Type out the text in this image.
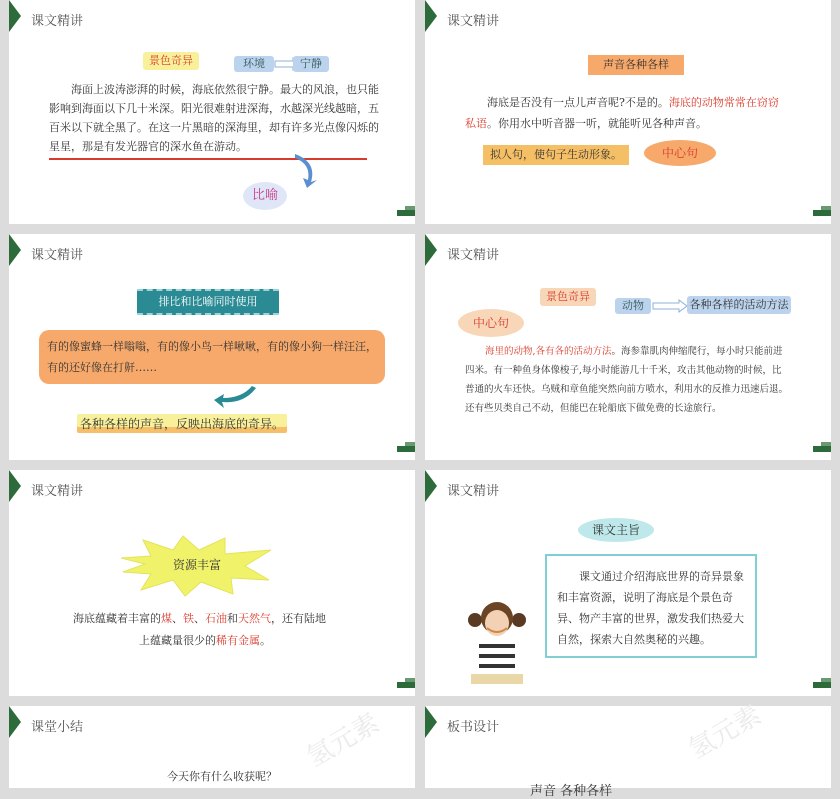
课文精讲
景色奇异	环境	宁静
海面上波涛澎湃的时候，海底依然很宁静。最大的风浪，也只能影响到海面以下几十米深。阳光很难射进深海，水越深光线越暗，五百米以下就全黑了。在这一片黑暗的深海里，却有许多光点像闪烁的星星，那是有发光器官的深水鱼在游动。
比喻
课文精讲
声音各种各样
海底是否没有一点儿声音呢?不是的。海底的动物常常在窃窃私语。你用水中听音器一听，就能听见各种声音。
拟人句，使句子生动形象。	中心句
课文精讲
排比和比喻同时使用
有的像蜜蜂一样嗡嗡，有的像小鸟一样啾啾，有的像小狗一样汪汪，有的还好像在打鼾……
各种各样的声音，反映出海底的奇异。
课文精讲
景色奇异
动物	各种各样的活动方法
中心句
海里的动物,各有各的活动方法。海参靠肌肉伸缩爬行，每小时只能前进四米。有一种鱼身体像梭子,每小时能游几十千米，攻击其他动物的时候，比普通的火车还快。乌贼和章鱼能突然向前方喷水，利用水的反推力迅速后退。还有些贝类自己不动，但能巴在轮船底下做免费的长途旅行。
课文精讲
资源丰富
海底蕴藏着丰富的煤、铁、石油和天然气，还有陆地
上蕴藏量很少的稀有金属。
课文精讲
课文主旨
课文通过介绍海底世界的奇异景象和丰富资源，说明了海底是个景色奇异、物产丰富的世界，激发我们热爱大自然，探索大自然奥秘的兴趣。
课堂小结
今天你有什么收获呢？
氢元素	板书设计
声音 各种各样
氢元素
